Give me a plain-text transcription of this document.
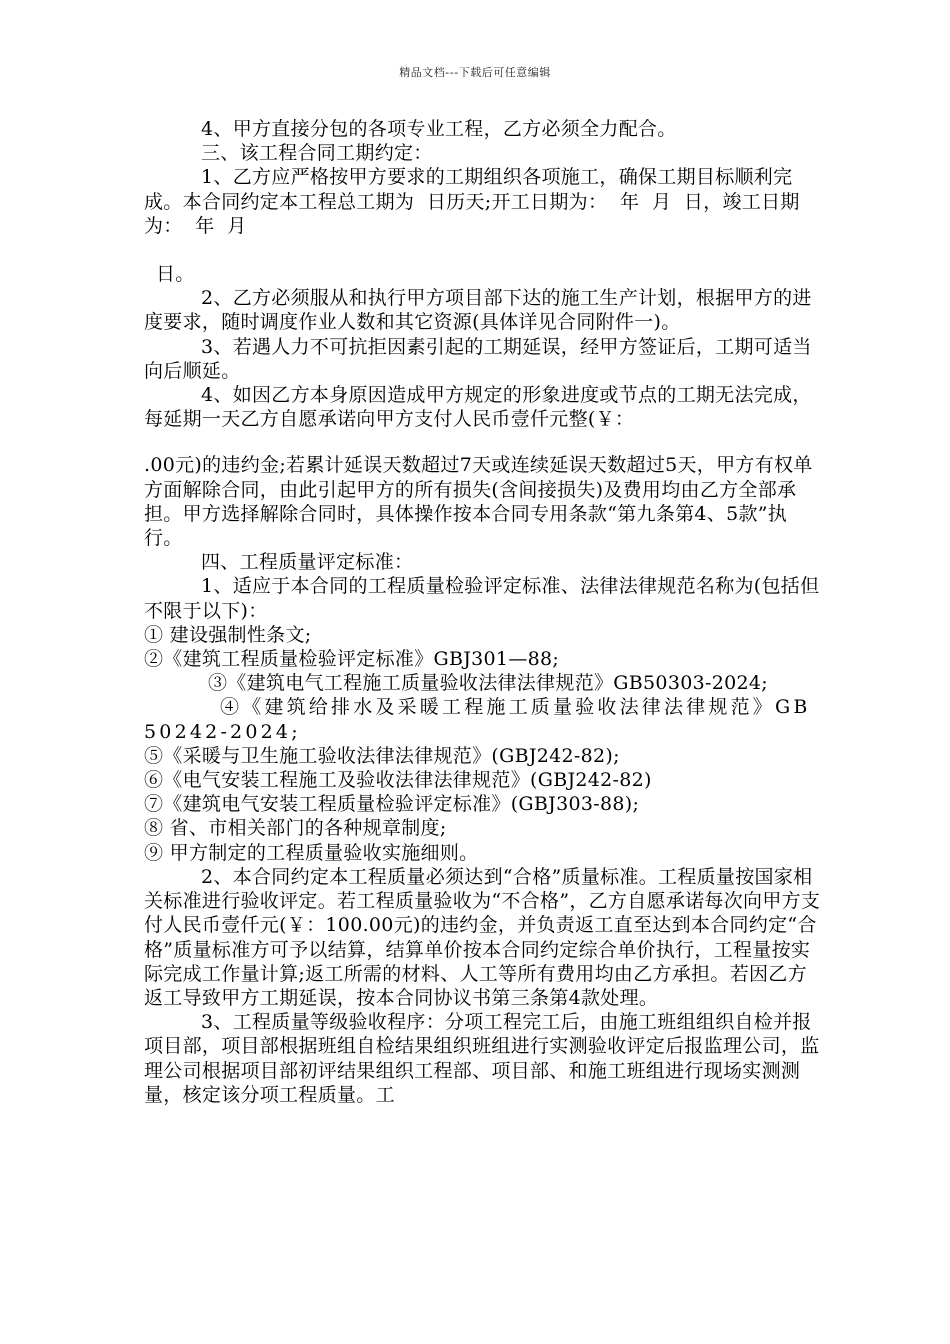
精品文档---下载后可任意编辑

4、甲方直接分包的各项专业工程，乙方必须全力配合。

三、该工程合同工期约定：

1、乙方应严格按甲方要求的工期组织各项施工，确保工期目标顺利完成。本合同约定本工程总工期为  日历天;开工日期为：  年  月  日，竣工日期为：  年  月

日。

2、乙方必须服从和执行甲方项目部下达的施工生产计划，根据甲方的进度要求，随时调度作业人数和其它资源(具体详见合同附件一)。

3、若遇人力不可抗拒因素引起的工期延误，经甲方签证后，工期可适当向后顺延。

4、如因乙方本身原因造成甲方规定的形象进度或节点的工期无法完成，每延期一天乙方自愿承诺向甲方支付人民币壹仟元整(￥：

.00元)的违约金;若累计延误天数超过7天或连续延误天数超过5天，甲方有权单方面解除合同，由此引起甲方的所有损失(含间接损失)及费用均由乙方全部承担。甲方选择解除合同时，具体操作按本合同专用条款“第九条第4、5款”执行。

四、工程质量评定标准：

1、适应于本合同的工程质量检验评定标准、法律法律规范名称为(包括但不限于以下)：

① 建设强制性条文;

②《建筑工程质量检验评定标准》GBJ301—88;

③《建筑电气工程施工质量验收法律法律规范》GB50303-2024;

④《建筑给排水及采暖工程施工质量验收法律法律规范》GB50242-2024;

⑤《采暖与卫生施工验收法律法律规范》(GBJ242-82);

⑥《电气安装工程施工及验收法律法律规范》(GBJ242-82)

⑦《建筑电气安装工程质量检验评定标准》(GBJ303-88);

⑧ 省、市相关部门的各种规章制度;

⑨ 甲方制定的工程质量验收实施细则。

2、本合同约定本工程质量必须达到“合格”质量标准。工程质量按国家相关标准进行验收评定。若工程质量验收为“不合格”，乙方自愿承诺每次向甲方支付人民币壹仟元(￥：100.00元)的违约金，并负责返工直至达到本合同约定“合格”质量标准方可予以结算，结算单价按本合同约定综合单价执行，工程量按实际完成工作量计算;返工所需的材料、人工等所有费用均由乙方承担。若因乙方返工导致甲方工期延误，按本合同协议书第三条第4款处理。

3、工程质量等级验收程序：分项工程完工后，由施工班组组织自检并报项目部，项目部根据班组自检结果组织班组进行实测验收评定后报监理公司，监理公司根据项目部初评结果组织工程部、项目部、和施工班组进行现场实测测量，核定该分项工程质量。工
